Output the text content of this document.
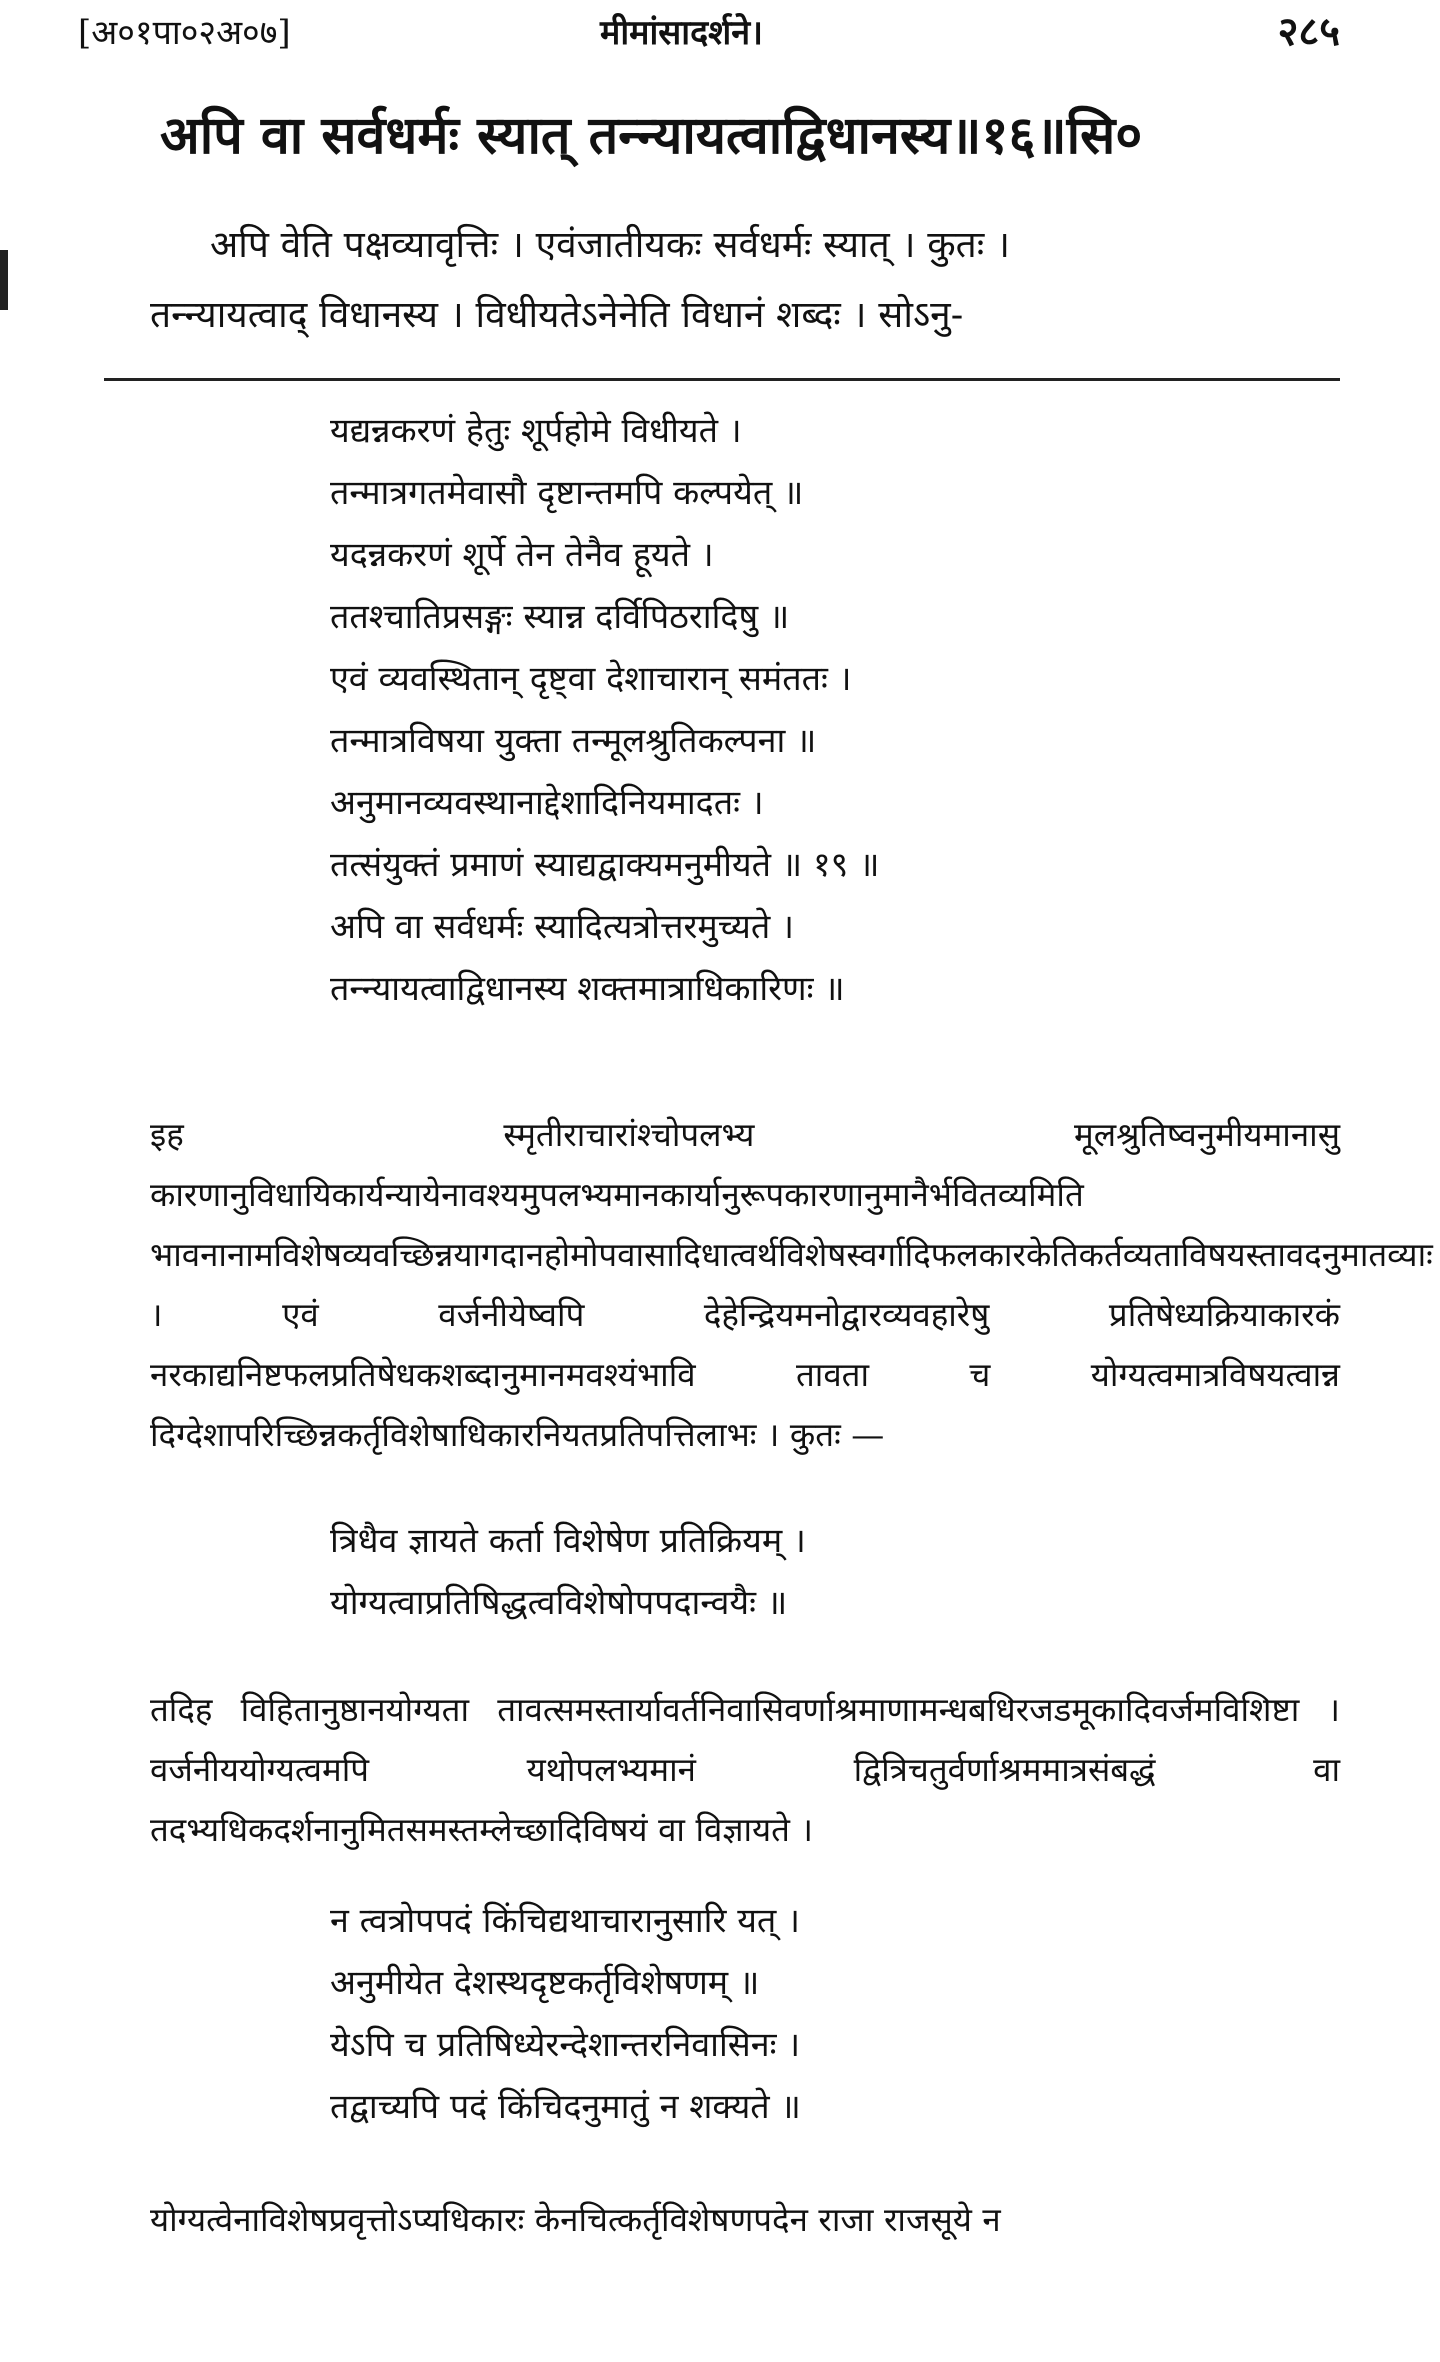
[अ०१पा०२अ०७]	मीमांसादर्शने।	२८५
अपि वा सर्वधर्मः स्यात् तन्न्यायत्वाद्विधानस्य॥१६॥सि०
अपि वेति पक्षव्यावृत्तिः । एवंजातीयकः सर्वधर्मः स्यात् । कुतः ।
तन्न्यायत्वाद् विधानस्य । विधीयतेऽनेनेति विधानं शब्दः । सोऽनु-
यद्यन्नकरणं हेतुः शूर्पहोमे विधीयते ।
तन्मात्रगतमेवासौ दृष्टान्तमपि कल्पयेत् ॥
यदन्नकरणं शूर्पे तेन तेनैव हूयते ।
ततश्चातिप्रसङ्गः स्यान्न दर्विपिठरादिषु ॥
एवं व्यवस्थितान् दृष्ट्वा देशाचारान् समंततः ।
तन्मात्रविषया युक्ता तन्मूलश्रुतिकल्पना ॥
अनुमानव्यवस्थानाद्देशादिनियमादतः ।
तत्संयुक्तं प्रमाणं स्याद्यद्वाक्यमनुमीयते ॥ १९ ॥
अपि वा सर्वधर्मः स्यादित्यत्रोत्तरमुच्यते ।
तन्न्यायत्वाद्विधानस्य शक्तमात्राधिकारिणः ॥

इह स्मृतीराचारांश्चोपलभ्य मूलश्रुतिष्वनुमीयमानासु कारणानुविधायिकार्यन्यायेनावश्यमुपलभ्यमानकार्यानुरूपकारणानुमानैर्भवितव्यमिति भावनानामविशेषव्यवच्छिन्नयागदानहोमोपवासादिधात्वर्थविशेषस्वर्गादिफलकारकेतिकर्तव्यताविषयस्तावदनुमातव्याः । एवं वर्जनीयेष्वपि देहेन्द्रियमनोद्वारव्यवहारेषु प्रतिषेध्यक्रियाकारकं नरकाद्यनिष्टफलप्रतिषेधकशब्दानुमानमवश्यंभावि तावता च योग्यत्वमात्रविषयत्वान्न दिग्देशापरिच्छिन्नकर्तृविशेषाधिकारनियतप्रतिपत्तिलाभः । कुतः —

त्रिधैव ज्ञायते कर्ता विशेषेण प्रतिक्रियम् ।
योग्यत्वाप्रतिषिद्धत्वविशेषोपपदान्वयैः ॥

तदिह विहितानुष्ठानयोग्यता तावत्समस्तार्यावर्तनिवासिवर्णाश्रमाणामन्धबधिरजडमूकादिवर्जमविशिष्टा । वर्जनीययोग्यत्वमपि यथोपलभ्यमानं द्वित्रिचतुर्वर्णाश्रममात्रसंबद्धं वा तदभ्यधिकदर्शनानुमितसमस्तम्लेच्छादिविषयं वा विज्ञायते ।

न त्वत्रोपपदं किंचिद्यथाचारानुसारि यत् ।
अनुमीयेत देशस्थदृष्टकर्तृविशेषणम् ॥
येऽपि च प्रतिषिध्येरन्देशान्तरनिवासिनः ।
तद्वाच्यपि पदं किंचिदनुमातुं न शक्यते ॥

योग्यत्वेनाविशेषप्रवृत्तोऽप्यधिकारः केनचित्कर्तृविशेषणपदेन राजा राजसूये न
